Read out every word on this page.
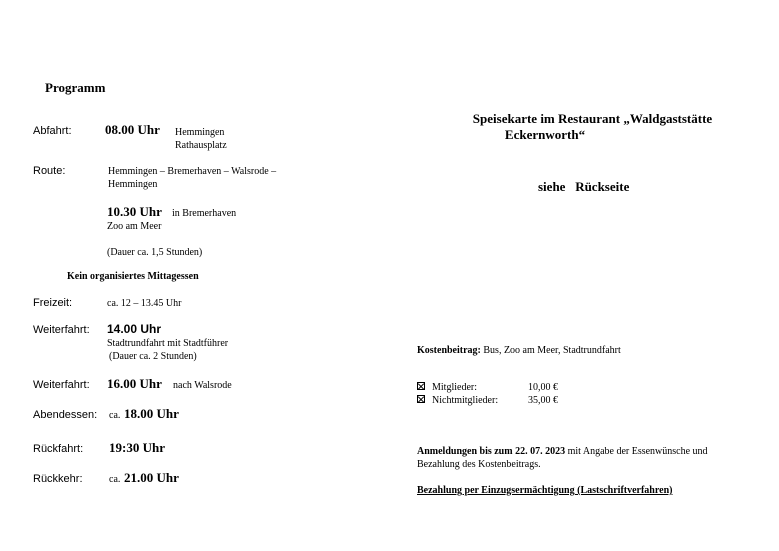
Programm
Abfahrt:	08.00 Uhr Hemmingen
Rathausplatz
Route:	Hemmingen – Bremerhaven – Walsrode –
Hemmingen
10.30 Uhr in Bremerhaven
Zoo am Meer
(Dauer ca. 1,5 Stunden)
Kein organisiertes Mittagessen
Freizeit:	ca. 12 – 13.45 Uhr
Weiterfahrt: 14.00 Uhr
Stadtrundfahrt mit Stadtführer
(Dauer ca. 2 Stunden)
Weiterfahrt: 16.00 Uhr nach Walsrode
Abendessen: ca. 18.00 Uhr
Rückfahrt: 19:30 Uhr
Rückkehr:	ca. 21.00 Uhr
Speisekarte im Restaurant „Waldgaststätte
Eckernworth“
siehe   Rückseite
Kostenbeitrag: Bus, Zoo am Meer, Stadtrundfahrt
Mitglieder:	10,00 €
Nichtmitglieder:	35,00 €
Anmeldungen bis zum 22. 07. 2023 mit Angabe der Essenwünsche und
Bezahlung des Kostenbeitrags.
Bezahlung per Einzugsermächtigung (Lastschriftverfahren)
